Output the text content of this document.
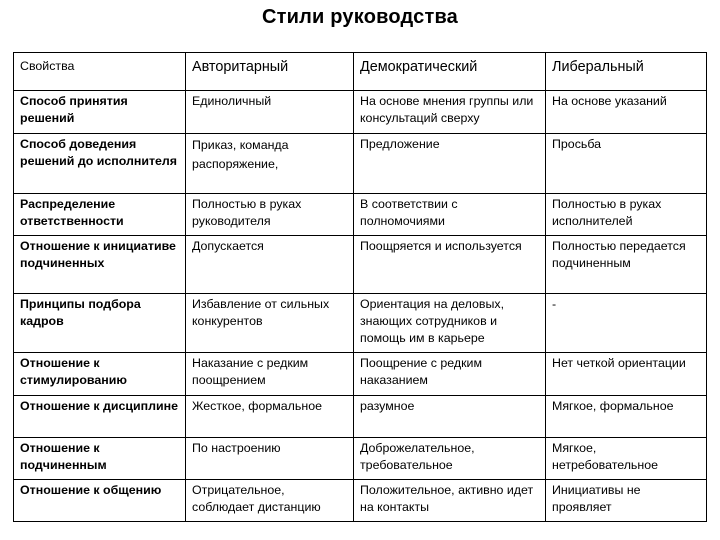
Стили руководства
Свойства	Авторитарный	Демократический	Либеральный
Способ принятия решений	Единоличный	На основе мнения группы или консультаций сверху	На основе указаний
Способ доведения решений до исполнителя	Приказ, команда распоряжение,	Предложение	Просьба
Распределение ответственности	Полностью в руках руководителя	В соответствии с полномочиями	Полностью в руках исполнителей
Отношение к инициативе подчиненных	Допускается	Поощряется и используется	Полностью передается подчиненным
Принципы подбора кадров	Избавление от сильных конкурентов	Ориентация на деловых, знающих сотрудников и помощь им в карьере	-
Отношение к стимулированию	Наказание с редким поощрением	Поощрение с редким наказанием	Нет четкой ориентации
Отношение к дисциплине	Жесткое, формальное	разумное	Мягкое, формальное
Отношение к подчиненным	По настроению	Доброжелательное, требовательное	Мягкое, нетребовательное
Отношение к общению	Отрицательное, соблюдает дистанцию	Положительное, активно идет на контакты	Инициативы не проявляет
